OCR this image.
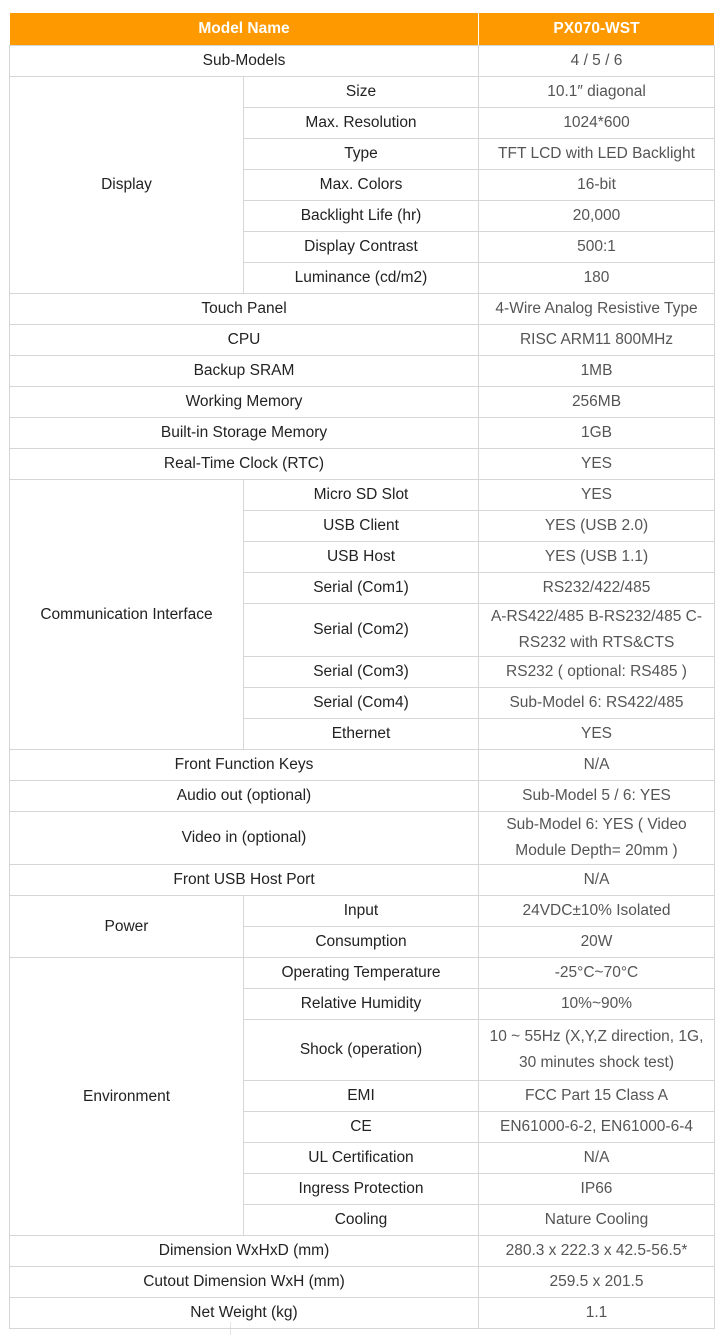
Model Name		PX070-WST
Sub-Models		4 / 5 / 6
Display	Size	10.1″ diagonal
	Max. Resolution	1024*600
	Type	TFT LCD with LED Backlight
	Max. Colors	16-bit
	Backlight Life (hr)	20,000
	Display Contrast	500:1
	Luminance (cd/m2)	180
Touch Panel		4-Wire Analog Resistive Type
CPU		RISC ARM11 800MHz
Backup SRAM		1MB
Working Memory		256MB
Built-in Storage Memory		1GB
Real-Time Clock (RTC)		YES
Communication Interface	Micro SD Slot	YES
	USB Client	YES (USB 2.0)
	USB Host	YES (USB 1.1)
	Serial (Com1)	RS232/422/485
	Serial (Com2)	A-RS422/485 B-RS232/485 C-RS232 with RTS&CTS
	Serial (Com3)	RS232 ( optional: RS485 )
	Serial (Com4)	Sub-Model 6: RS422/485
	Ethernet	YES
Front Function Keys		N/A
Audio out (optional)		Sub-Model 5 / 6: YES
Video in (optional)		Sub-Model 6: YES ( Video Module Depth= 20mm )
Front USB Host Port		N/A
Power	Input	24VDC±10% Isolated
	Consumption	20W
Environment	Operating Temperature	-25°C~70°C
	Relative Humidity	10%~90%
	Shock (operation)	10 ~ 55Hz (X,Y,Z direction, 1G, 30 minutes shock test)
	EMI	FCC Part 15 Class A
	CE	EN61000-6-2, EN61000-6-4
	UL Certification	N/A
	Ingress Protection	IP66
	Cooling	Nature Cooling
Dimension WxHxD (mm)		280.3 x 222.3 x 42.5-56.5*
Cutout Dimension WxH (mm)		259.5 x 201.5
Net Weight (kg)		1.1
